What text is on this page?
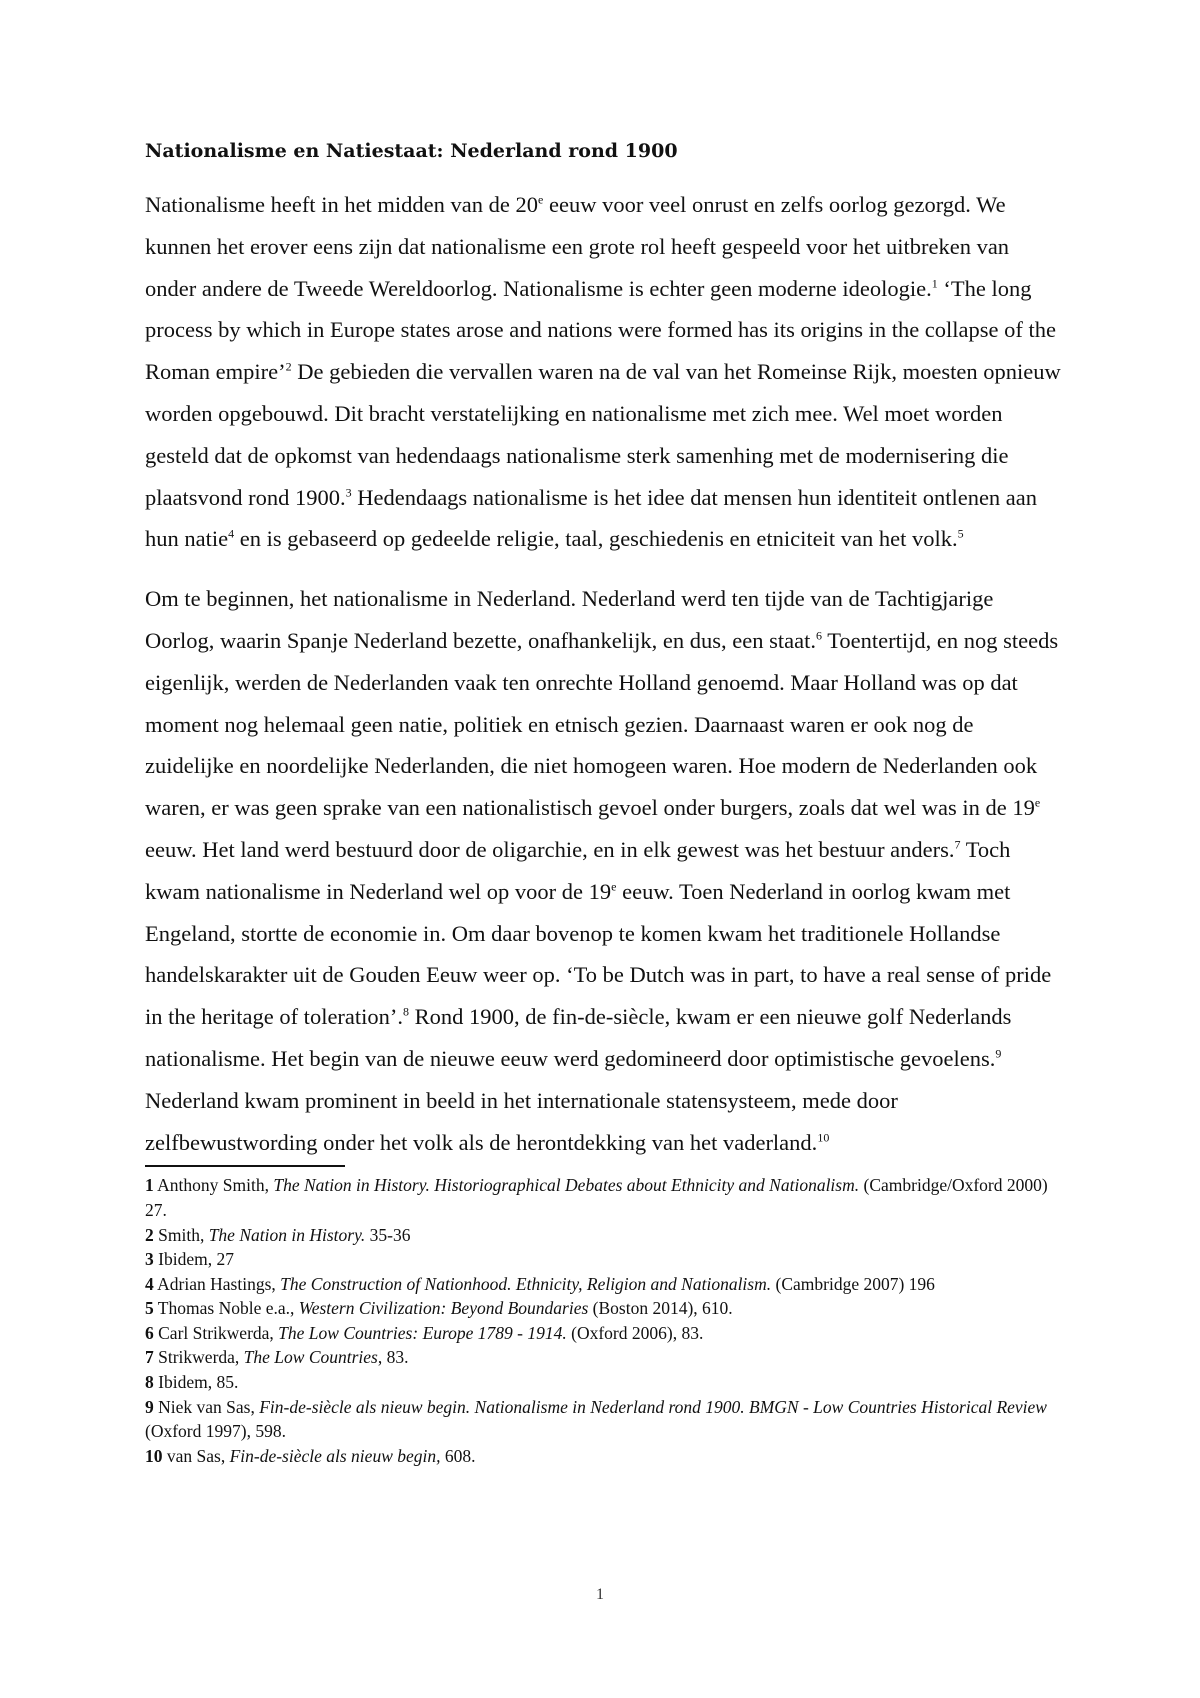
Nationalisme en Natiestaat: Nederland rond 1900

Nationalisme heeft in het midden van de 20e eeuw voor veel onrust en zelfs oorlog gezorgd. We kunnen het erover eens zijn dat nationalisme een grote rol heeft gespeeld voor het uitbreken van onder andere de Tweede Wereldoorlog. Nationalisme is echter geen moderne ideologie.$^1$ ‘The long process by which in Europe states arose and nations were formed has its origins in the collapse of the Roman empire’$^2$ De gebieden die vervallen waren na de val van het Romeinse Rijk, moesten opnieuw worden opgebouwd. Dit bracht verstatelijking en nationalisme met zich mee. Wel moet worden gesteld dat de opkomst van hedendaags nationalisme sterk samenhing met de modernisering die plaatsvond rond 1900.$^3$ Hedendaags nationalisme is het idee dat mensen hun identiteit ontlenen aan hun natie$^4$ en is gebaseerd op gedeelde religie, taal, geschiedenis en etniciteit van het volk.$^5$

Om te beginnen, het nationalisme in Nederland. Nederland werd ten tijde van de Tachtigjarige Oorlog, waarin Spanje Nederland bezette, onafhankelijk, en dus, een staat.$^6$ Toentertijd, en nog steeds eigenlijk, werden de Nederlanden vaak ten onrechte Holland genoemd. Maar Holland was op dat moment nog helemaal geen natie, politiek en etnisch gezien. Daarnaast waren er ook nog de zuidelijke en noordelijke Nederlanden, die niet homogeen waren. Hoe modern de Nederlanden ook waren, er was geen sprake van een nationalistisch gevoel onder burgers, zoals dat wel was in de 19e eeuw. Het land werd bestuurd door de oligarchie, en in elk gewest was het bestuur anders.$^7$ Toch kwam nationalisme in Nederland wel op voor de 19e eeuw. Toen Nederland in oorlog kwam met Engeland, stortte de economie in. Om daar bovenop te komen kwam het traditionele Hollandse handelskarakter uit de Gouden Eeuw weer op. ‘To be Dutch was in part, to have a real sense of pride in the heritage of toleration’.$^8$ Rond 1900, de fin-de-siècle, kwam er een nieuwe golf Nederlands nationalisme. Het begin van de nieuwe eeuw werd gedomineerd door optimistische gevoelens.$^9$ Nederland kwam prominent in beeld in het internationale statensysteem, mede door zelfbewustwording onder het volk als de herontdekking van het vaderland.$^{10}$

1 Anthony Smith, The Nation in History. Historiographical Debates about Ethnicity and Nationalism. (Cambridge/Oxford 2000) 27.
2 Smith, The Nation in History. 35-36
3 Ibidem, 27
4 Adrian Hastings, The Construction of Nationhood. Ethnicity, Religion and Nationalism. (Cambridge 2007) 196
5 Thomas Noble e.a., Western Civilization: Beyond Boundaries (Boston 2014), 610.
6 Carl Strikwerda, The Low Countries: Europe 1789 - 1914. (Oxford 2006), 83.
7 Strikwerda, The Low Countries, 83.
8 Ibidem, 85.
9 Niek van Sas, Fin-de-siècle als nieuw begin. Nationalisme in Nederland rond 1900. BMGN - Low Countries Historical Review (Oxford 1997), 598.
10 van Sas, Fin-de-siècle als nieuw begin, 608.
1
